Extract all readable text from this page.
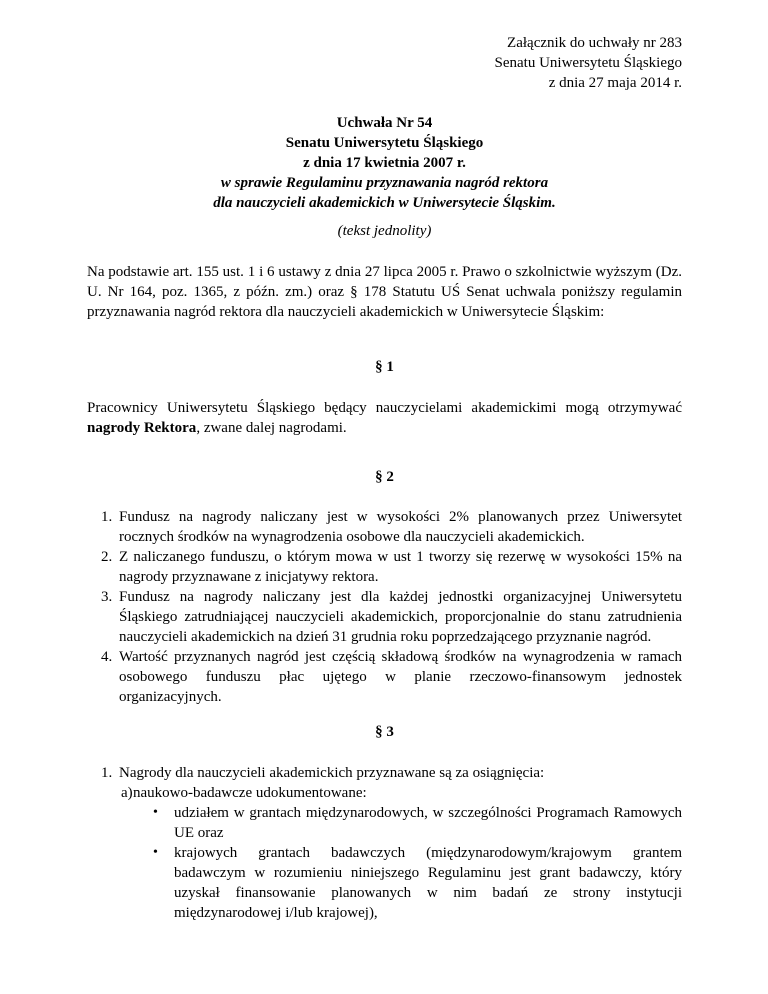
Załącznik do uchwały nr 283
Senatu Uniwersytetu Śląskiego
z dnia 27 maja 2014 r.
Uchwała Nr 54
Senatu Uniwersytetu Śląskiego
z dnia 17 kwietnia 2007 r.
w sprawie Regulaminu przyznawania nagród rektora
dla nauczycieli akademickich w Uniwersytecie Śląskim.
(tekst jednolity)
Na podstawie art. 155 ust. 1 i 6 ustawy z dnia 27 lipca 2005 r. Prawo o szkolnictwie wyższym (Dz. U. Nr 164, poz. 1365, z późn. zm.) oraz § 178 Statutu UŚ Senat uchwala poniższy regulamin przyznawania nagród rektora dla nauczycieli akademickich w Uniwersytecie Śląskim:
§ 1
Pracownicy Uniwersytetu Śląskiego będący nauczycielami akademickimi mogą otrzymywać nagrody Rektora, zwane dalej nagrodami.
§ 2
1. Fundusz na nagrody naliczany jest w wysokości 2% planowanych przez Uniwersytet rocznych środków na wynagrodzenia osobowe dla nauczycieli akademickich.
2. Z naliczanego funduszu, o którym mowa w ust 1 tworzy się rezerwę w wysokości 15% na nagrody przyznawane z inicjatywy rektora.
3. Fundusz na nagrody naliczany jest dla każdej jednostki organizacyjnej Uniwersytetu Śląskiego zatrudniającej nauczycieli akademickich, proporcjonalnie do stanu zatrudnienia nauczycieli akademickich na dzień 31 grudnia roku poprzedzającego przyznanie nagród.
4. Wartość przyznanych nagród jest częścią składową środków na wynagrodzenia w ramach osobowego funduszu płac ujętego w planie rzeczowo-finansowym jednostek organizacyjnych.
§ 3
1. Nagrody dla nauczycieli akademickich przyznawane są za osiągnięcia:
a) naukowo-badawcze udokumentowane:
• udziałem w grantach międzynarodowych, w szczególności Programach Ramowych UE oraz
• krajowych grantach badawczych (międzynarodowym/krajowym grantem badawczym w rozumieniu niniejszego Regulaminu jest grant badawczy, który uzyskał finansowanie planowanych w nim badań ze strony instytucji międzynarodowej i/lub krajowej),
